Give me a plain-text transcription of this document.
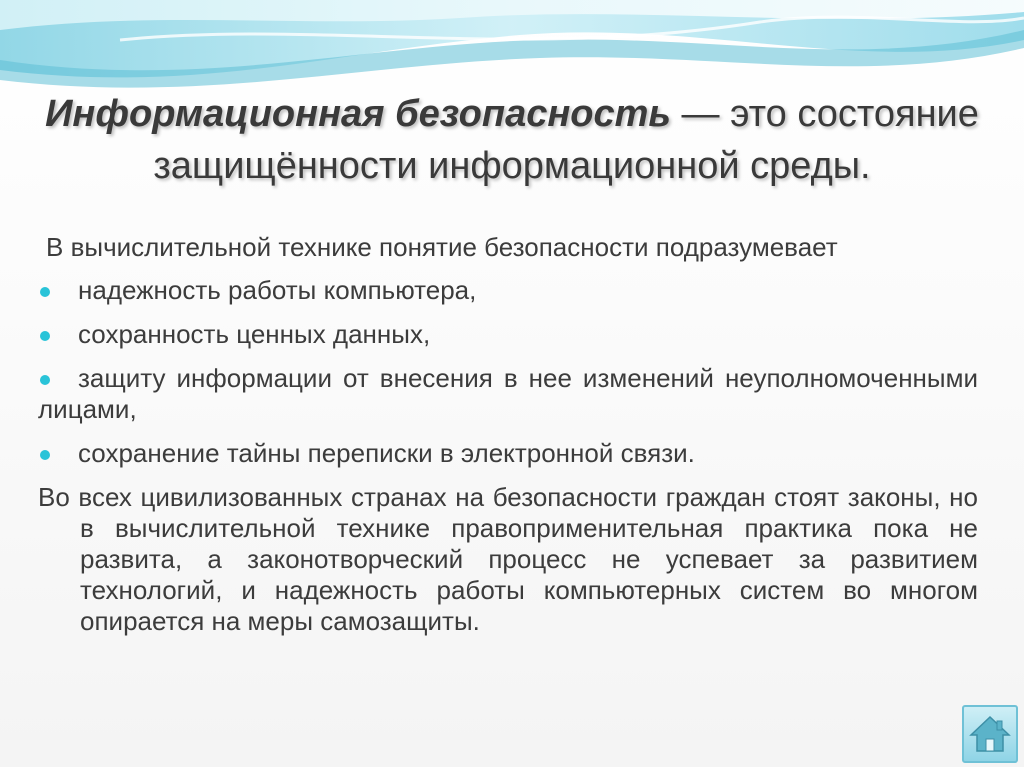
Информационная безопасность — это состояние
защищённости информационной среды.

В вычислительной технике понятие безопасности подразумевает

надежность работы компьютера,
сохранность ценных данных,
защиту информации от внесения в нее изменений неуполномоченными лицами,
сохранение тайны переписки в электронной связи.

Во всех цивилизованных странах на безопасности граждан стоят законы, но в вычислительной технике правоприменительная практика пока не развита, а законотворческий процесс не успевает за развитием технологий, и надежность работы компьютерных систем во многом опирается на меры самозащиты.
